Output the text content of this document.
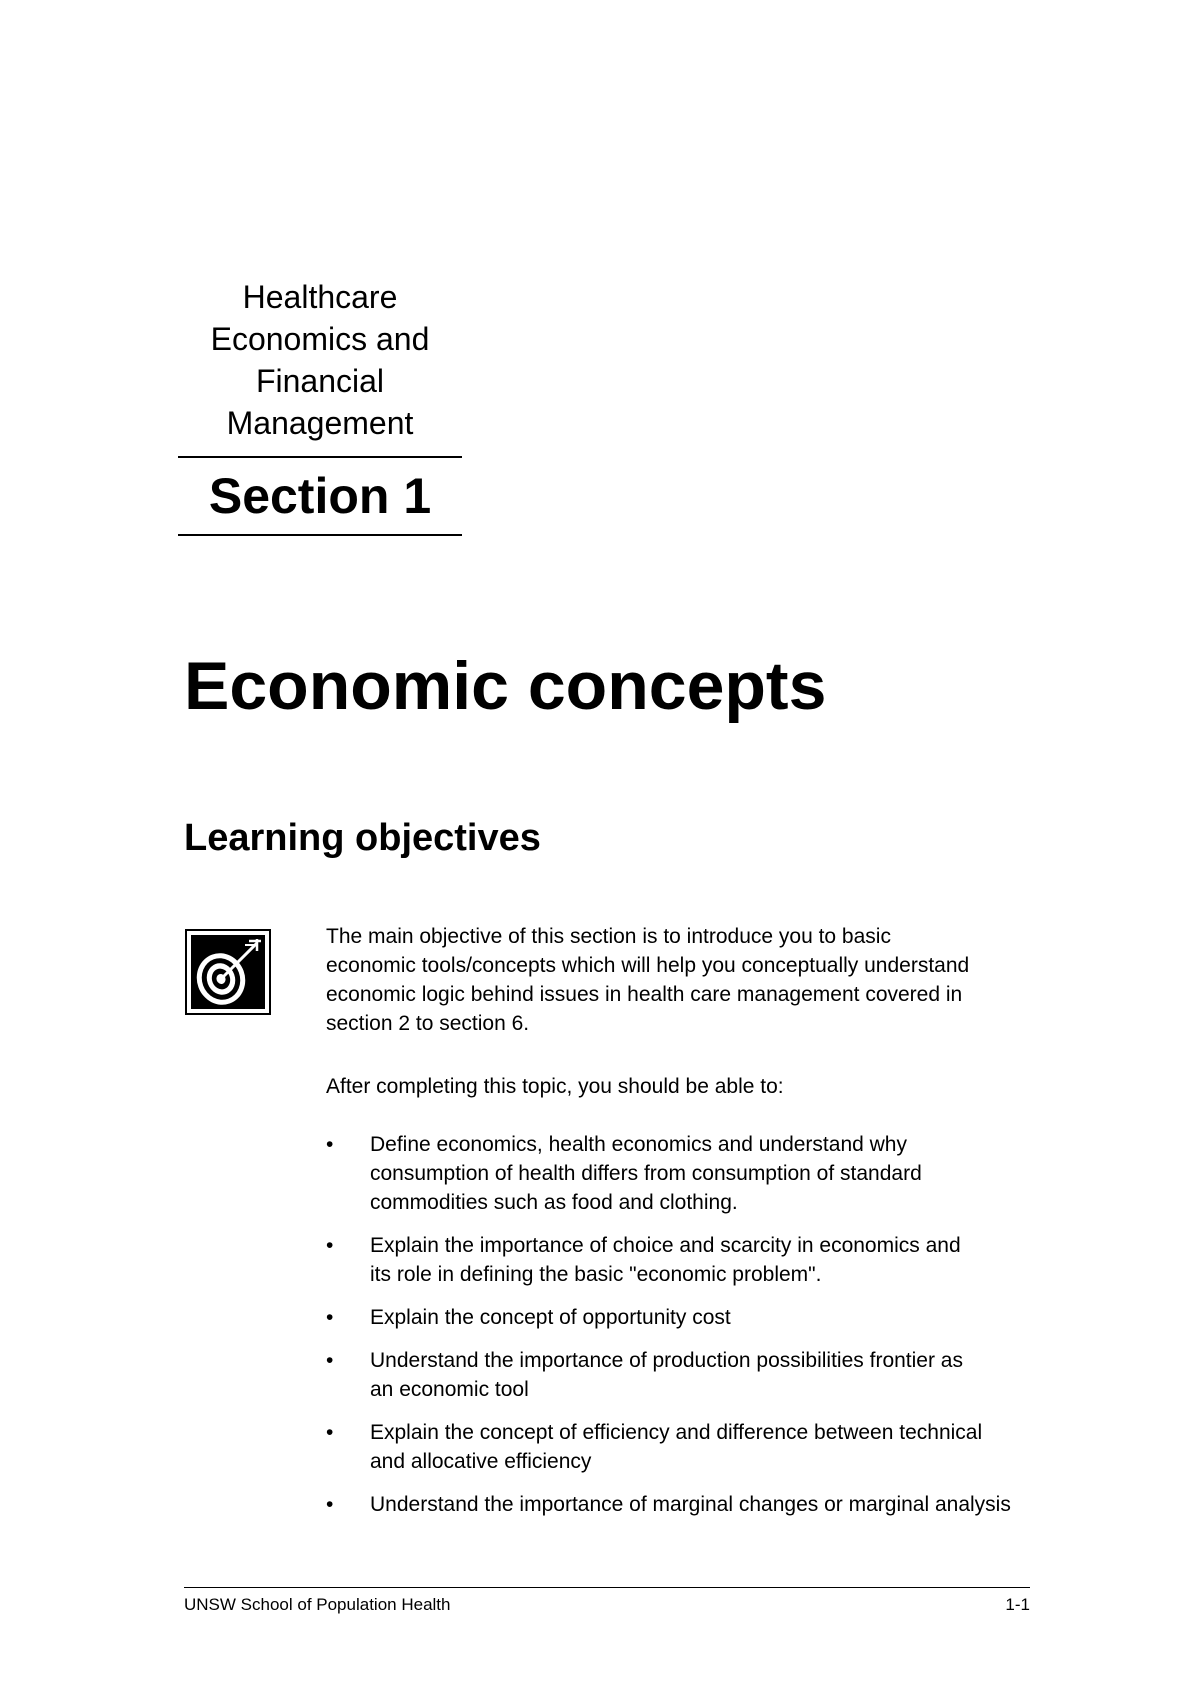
Healthcare
Economics and
Financial
Management
Section 1
Economic concepts
Learning objectives
The main objective of this section is to introduce you to basic
economic tools/concepts which will help you conceptually understand
economic logic behind issues in health care management covered in
section 2 to section 6.
After completing this topic, you should be able to:
• Define economics, health economics and understand why
consumption of health differs from consumption of standard
commodities such as food and clothing.
• Explain the importance of choice and scarcity in economics and
its role in defining the basic "economic problem".
• Explain the concept of opportunity cost
• Understand the importance of production possibilities frontier as
an economic tool
• Explain the concept of efficiency and difference between technical
and allocative efficiency
• Understand the importance of marginal changes or marginal analysis
UNSW School of Population Health	1-1
